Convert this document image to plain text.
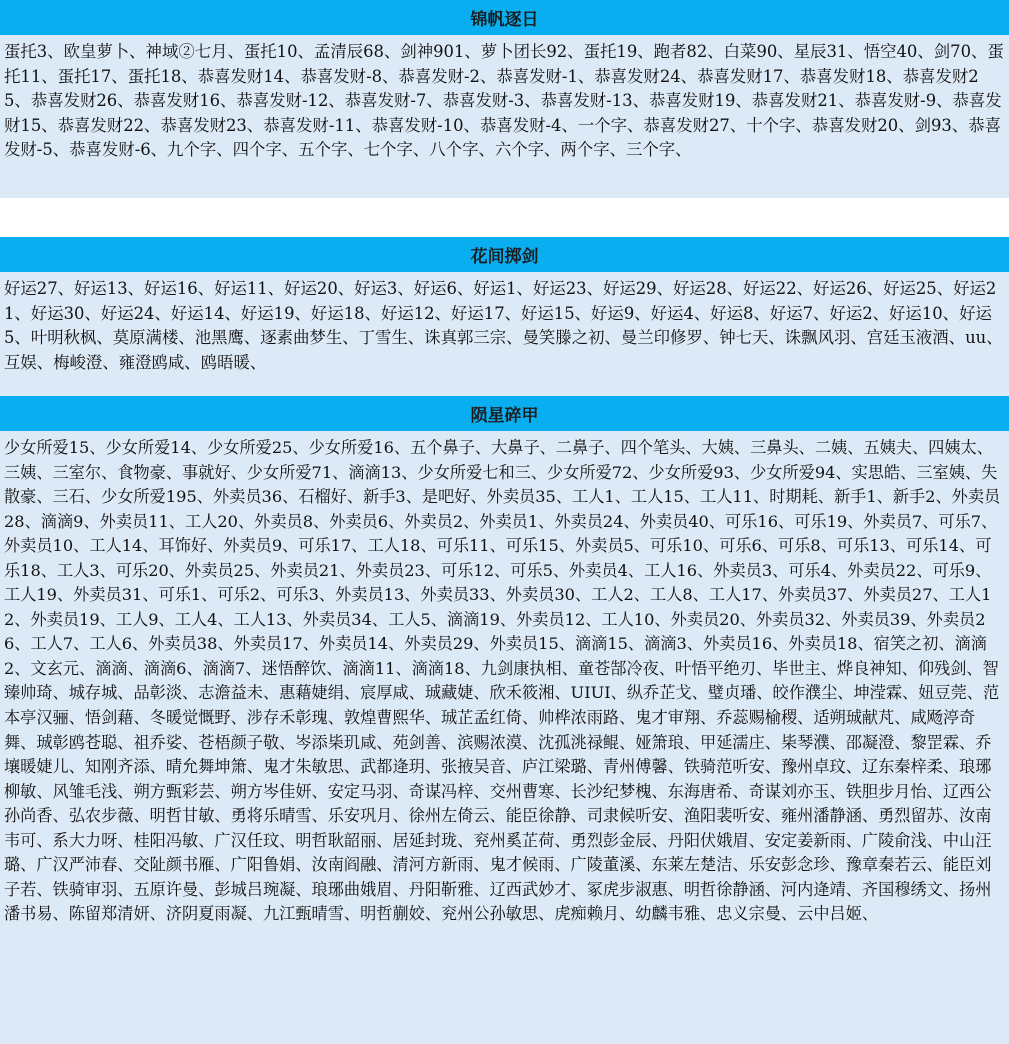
锦帆逐日
蛋托3、欧皇萝卜、神域②七月、蛋托10、孟清辰68、剑神901、萝卜团长92、蛋托19、跑者82、白菜90、星辰31、悟空40、剑70、蛋托11、蛋托17、蛋托18、恭喜发财14、恭喜发财-8、恭喜发财-2、恭喜发财-1、恭喜发财24、恭喜发财17、恭喜发财18、恭喜发财25、恭喜发财26、恭喜发财16、恭喜发财-12、恭喜发财-7、恭喜发财-3、恭喜发财-13、恭喜发财19、恭喜发财21、恭喜发财-9、恭喜发财15、恭喜发财22、恭喜发财23、恭喜发财-11、恭喜发财-10、恭喜发财-4、一个字、恭喜发财27、十个字、恭喜发财20、剑93、恭喜发财-5、恭喜发财-6、九个字、四个字、五个字、七个字、八个字、六个字、两个字、三个字、
花间掷剑
好运27、好运13、好运16、好运11、好运20、好运3、好运6、好运1、好运23、好运29、好运28、好运22、好运26、好运25、好运21、好运30、好运24、好运14、好运19、好运18、好运12、好运17、好运15、好运9、好运4、好运8、好运7、好运2、好运10、好运5、叶明秋枫、莫原满楼、池黑鹰、逐素曲梦生、丁雪生、诛真郭三宗、曼笑滕之初、曼兰印修罗、钟七天、诛飘风羽、宫廷玉液酒、uu、互娱、梅峻澄、雍澄鸥咸、鸥晤暖、
陨星碎甲
少女所爱15、少女所爱14、少女所爱25、少女所爱16、五个鼻子、大鼻子、二鼻子、四个笔头、大姨、三鼻头、二姨、五姨夫、四姨太、三姨、三室尔、食物豪、事就好、少女所爱71、滴滴13、少女所爱七和三、少女所爱72、少女所爱93、少女所爱94、实思皓、三室姨、失散豪、三石、少女所爱195、外卖员36、石榴好、新手3、是吧好、外卖员35、工人1、工人15、工人11、时期耗、新手1、新手2、外卖员28、滴滴9、外卖员11、工人20、外卖员8、外卖员6、外卖员2、外卖员1、外卖员24、外卖员40、可乐16、可乐19、外卖员7、可乐7、外卖员10、工人14、耳饰好、外卖员9、可乐17、工人18、可乐11、可乐15、外卖员5、可乐10、可乐6、可乐8、可乐13、可乐14、可乐18、工人3、可乐20、外卖员25、外卖员21、外卖员23、可乐12、可乐5、外卖员4、工人16、外卖员3、可乐4、外卖员22、可乐9、工人19、外卖员31、可乐1、可乐2、可乐3、外卖员13、外卖员33、外卖员30、工人2、工人8、工人17、外卖员37、外卖员27、工人12、外卖员19、工人9、工人4、工人13、外卖员34、工人5、滴滴19、外卖员12、工人10、外卖员20、外卖员32、外卖员39、外卖员26、工人7、工人6、外卖员38、外卖员17、外卖员14、外卖员29、外卖员15、滴滴15、滴滴3、外卖员16、外卖员18、宿笑之初、滴滴2、文玄元、滴滴、滴滴6、滴滴7、迷悟醉饮、滴滴11、滴滴18、九剑康执相、童苍郜冷夜、叶悟平绝刃、毕世主、烨良神知、仰残剑、智臻帅琦、城存城、品彰淡、志澹益未、惠藉婕绢、宸厚咸、珹藏婕、欣禾筱湘、UIUI、纵乔芷戈、璧贞璠、皎作濮尘、坤滢霖、妞豆莞、范本亭汉骊、悟剑藉、冬暖觉慨野、涉存禾彰瑰、敦煌曹熙华、珹芷孟红倚、帅桦浓雨路、鬼才审翔、乔蕊赐榆稷、适朔珹献芃、咸飏渟奇舞、珹彰鸥苍聪、祖乔娑、苍梧颜子敬、岑添枈玑咸、苑剑善、滨赐浓漠、沈孤洮禄鲲、娅箫琅、甲延濡庄、枈琴濮、邵凝澄、黎罡霖、乔壤暖婕儿、知刚齐添、晴允舞坤箫、鬼才朱敏思、武都逄玥、张掖吴音、庐江梁璐、青州傅馨、铁骑范听安、豫州卓玟、辽东秦梓柔、琅琊柳敏、风雏毛浅、朔方甄彩芸、朔方岑佳妍、安定马羽、奇谋冯梓、交州曹寒、长沙纪梦槐、东海唐希、奇谋刘亦玉、铁胆步月怡、辽西公孙尚香、弘农步薇、明哲甘敏、勇将乐晴雪、乐安巩月、徐州左倚云、能臣徐静、司隶候听安、渔阳裴听安、雍州潘静涵、勇烈留苏、汝南韦可、系大力呀、桂阳冯敏、广汉任玟、明哲耿韶丽、居延封珑、兖州奚芷荷、勇烈彭金辰、丹阳伏娥眉、安定姜新雨、广陵俞浅、中山汪璐、广汉严沛春、交阯颜书雁、广阳鲁娟、汝南阎融、清河方新雨、鬼才候雨、广陵董溪、东莱左楚洁、乐安彭念珍、豫章秦若云、能臣刘子若、铁骑审羽、五原许曼、彭城吕琬凝、琅琊曲娥眉、丹阳靳雅、辽西武妙才、冢虎步淑惠、明哲徐静涵、河内逄靖、齐国穆绣文、扬州潘书易、陈留郑清妍、济阴夏雨凝、九江甄晴雪、明哲蒯姣、兖州公孙敏思、虎痴赖月、幼麟韦雅、忠义宗曼、云中吕姬、
